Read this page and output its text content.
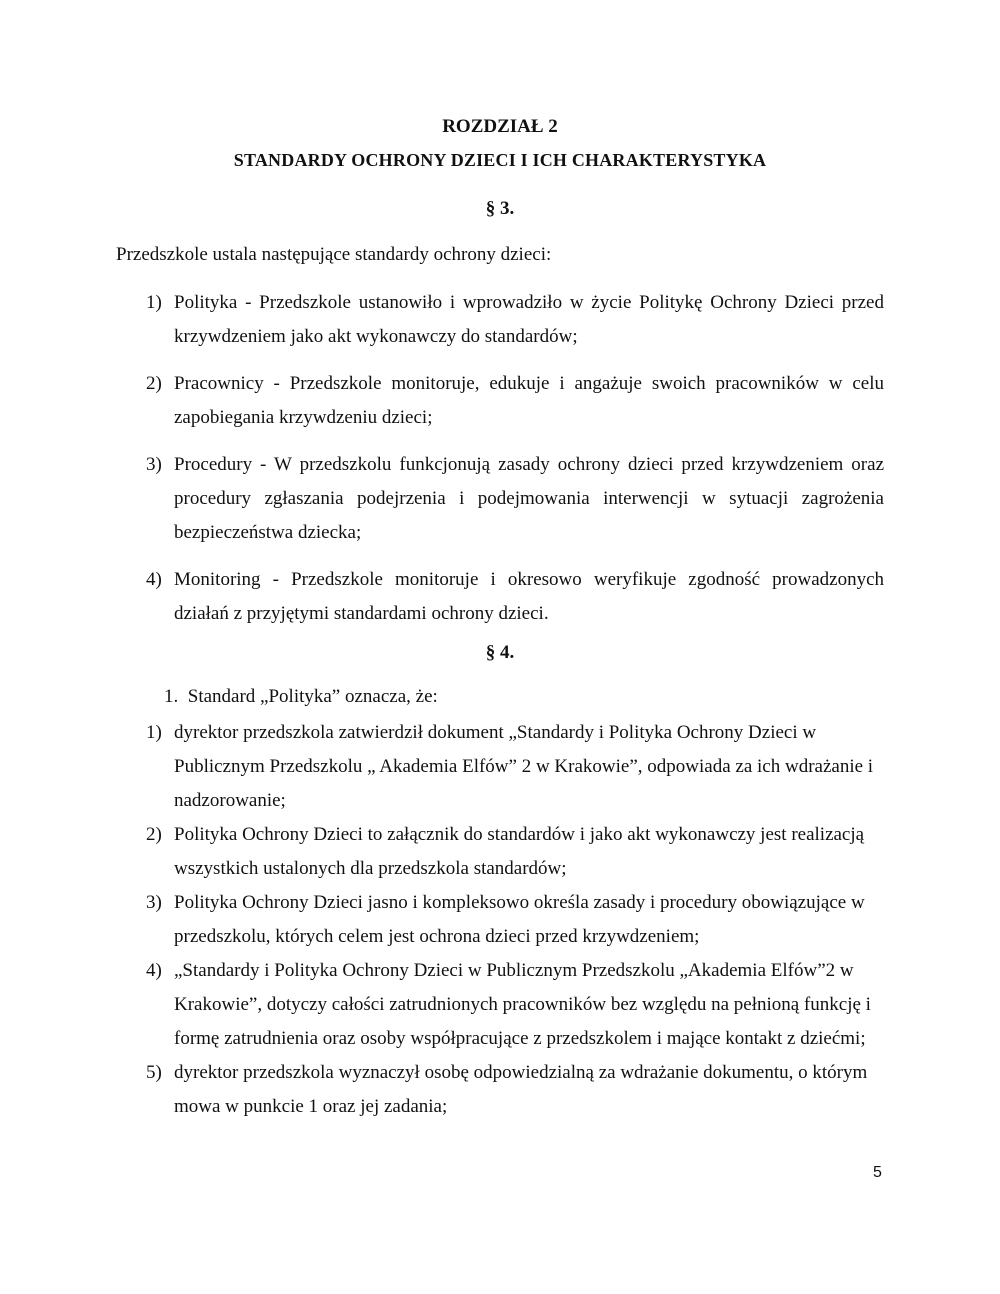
ROZDZIAŁ 2
STANDARDY OCHRONY DZIECI I ICH CHARAKTERYSTYKA
§ 3.
Przedszkole ustala następujące standardy ochrony dzieci:
1) Polityka - Przedszkole ustanowiło i wprowadziło w życie Politykę Ochrony Dzieci przed krzywdzeniem jako akt wykonawczy do standardów;
2) Pracownicy - Przedszkole monitoruje, edukuje i angażuje swoich pracowników w celu zapobiegania krzywdzeniu dzieci;
3) Procedury - W przedszkolu funkcjonują zasady ochrony dzieci przed krzywdzeniem oraz procedury zgłaszania podejrzenia i podejmowania interwencji w sytuacji zagrożenia bezpieczeństwa dziecka;
4) Monitoring - Przedszkole monitoruje i okresowo weryfikuje zgodność prowadzonych działań z przyjętymi standardami ochrony dzieci.
§ 4.
1. Standard „Polityka” oznacza, że:
1) dyrektor przedszkola zatwierdził dokument „Standardy i Polityka Ochrony Dzieci w Publicznym Przedszkolu „ Akademia Elfów” 2 w Krakowie”, odpowiada za ich wdrażanie i nadzorowanie;
2) Polityka Ochrony Dzieci to załącznik do standardów i jako akt wykonawczy jest realizacją wszystkich ustalonych dla przedszkola standardów;
3) Polityka Ochrony Dzieci jasno i kompleksowo określa zasady i procedury obowiązujące w przedszkolu, których celem jest ochrona dzieci przed krzywdzeniem;
4) „Standardy i Polityka Ochrony Dzieci w Publicznym Przedszkolu „Akademia Elfów”2 w Krakowie”, dotyczy całości zatrudnionych pracowników bez względu na pełnioną funkcję i formę zatrudnienia oraz osoby współpracujące z przedszkolem i mające kontakt z dziećmi;
5) dyrektor przedszkola wyznaczył osobę odpowiedzialną za wdrażanie dokumentu, o którym mowa w punkcie 1 oraz jej zadania;
5
